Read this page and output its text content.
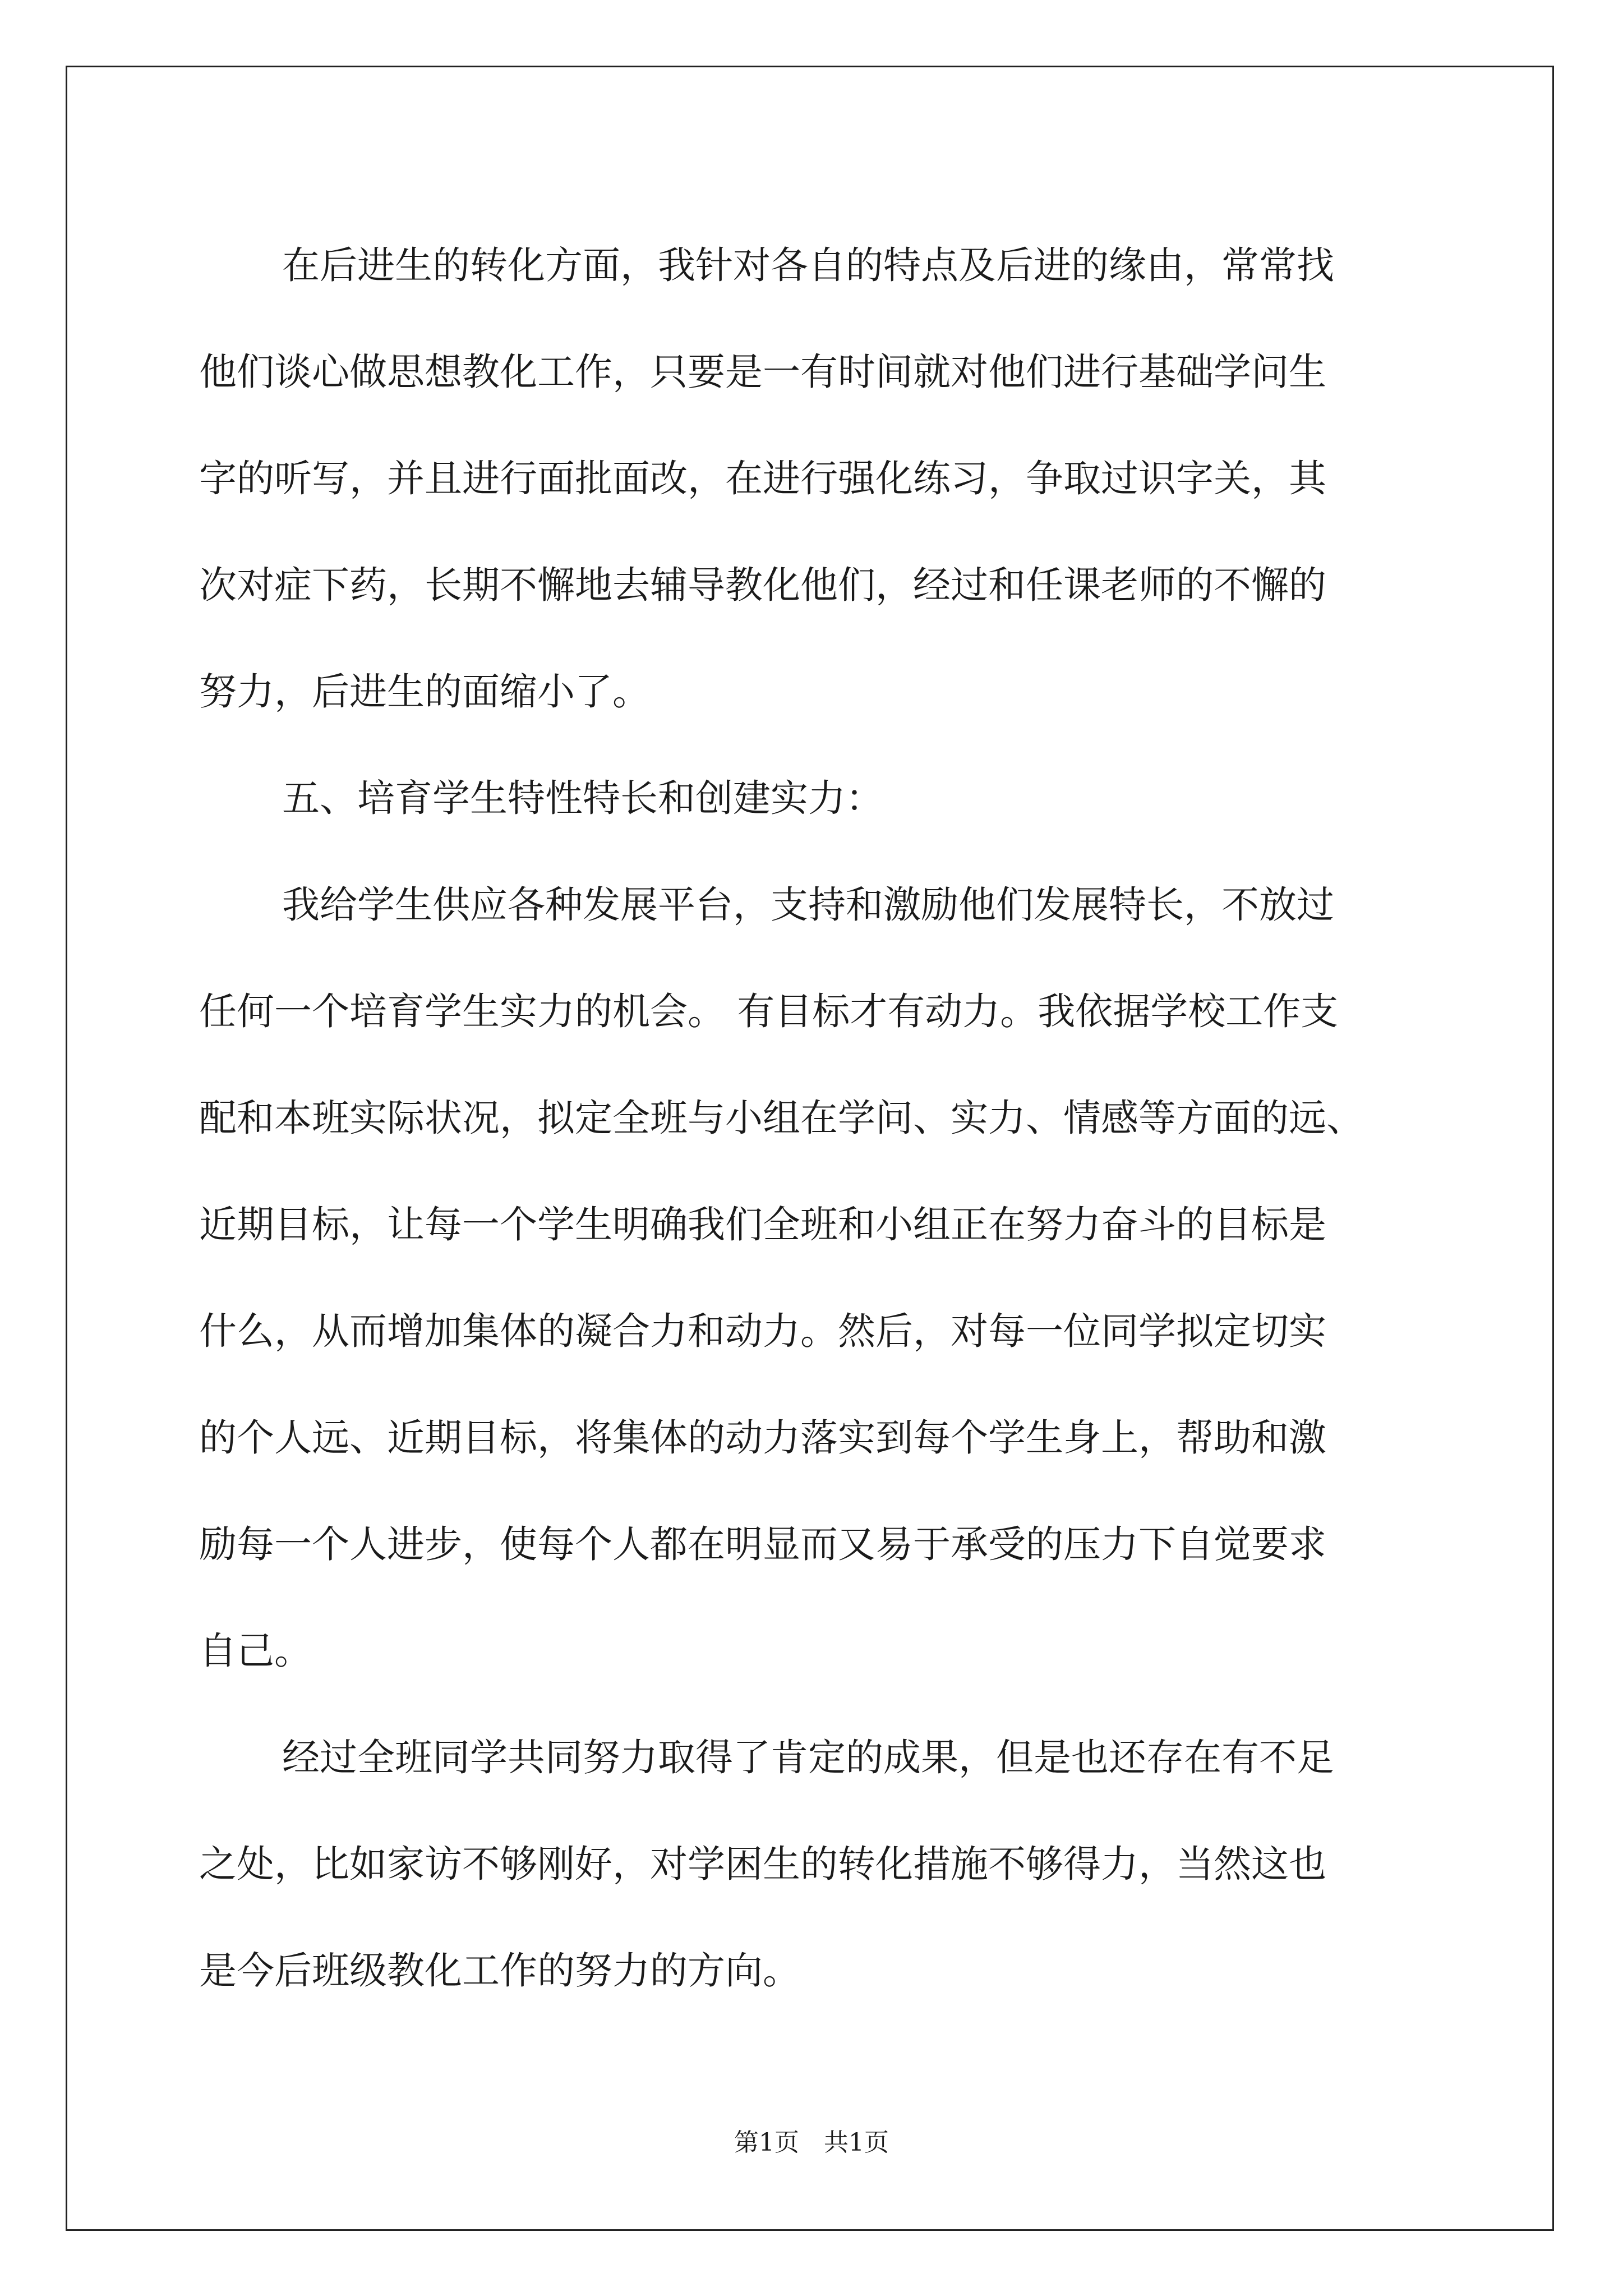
在后进生的转化方面，我针对各自的特点及后进的缘由，常常找
他们谈心做思想教化工作，只要是一有时间就对他们进行基础学问生
字的听写，并且进行面批面改，在进行强化练习，争取过识字关，其
次对症下药，长期不懈地去辅导教化他们，经过和任课老师的不懈的
努力，后进生的面缩小了。
五、培育学生特性特长和创建实力：
我给学生供应各种发展平台，支持和激励他们发展特长，不放过
任何一个培育学生实力的机会。 有目标才有动力。我依据学校工作支
配和本班实际状况，拟定全班与小组在学问、实力、情感等方面的远、
近期目标，让每一个学生明确我们全班和小组正在努力奋斗的目标是
什么，从而增加集体的凝合力和动力。然后，对每一位同学拟定切实
的个人远、近期目标，将集体的动力落实到每个学生身上，帮助和激
励每一个人进步，使每个人都在明显而又易于承受的压力下自觉要求
自己。
经过全班同学共同努力取得了肯定的成果，但是也还存在有不足
之处，比如家访不够刚好，对学困生的转化措施不够得力，当然这也
是今后班级教化工作的努力的方向。
第1页　共1页
